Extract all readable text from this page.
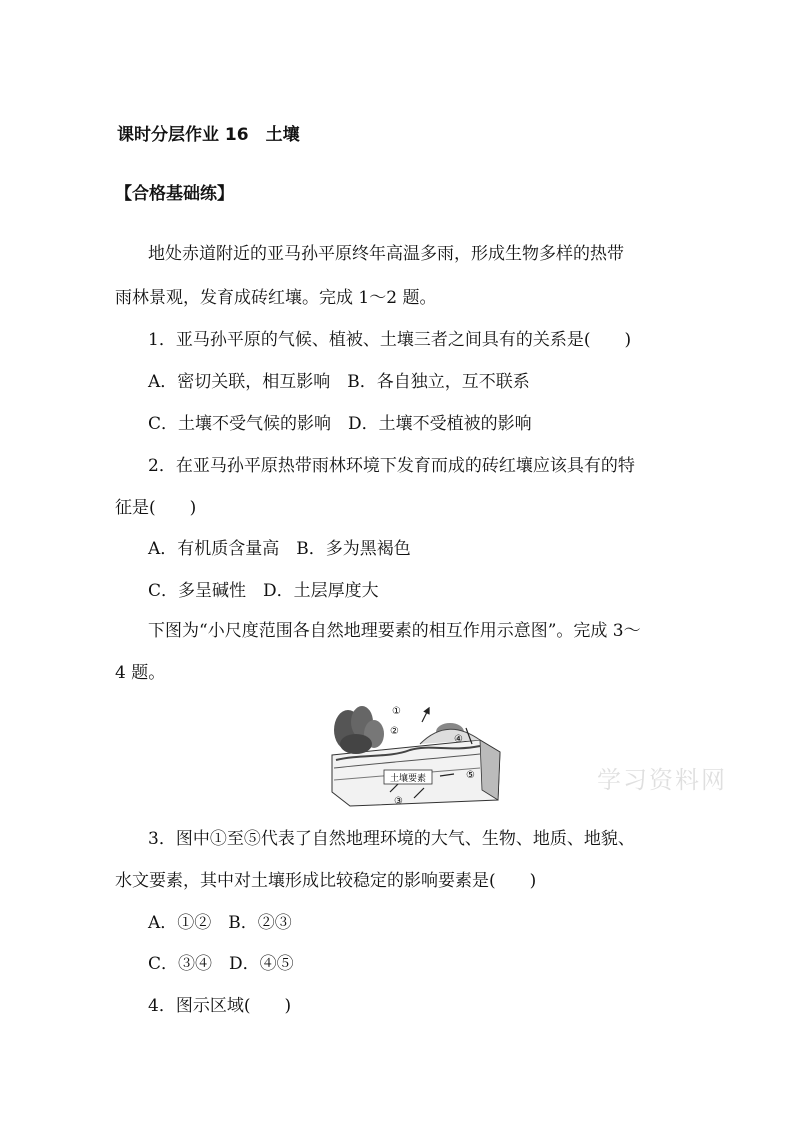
课时分层作业 16　土壤
【合格基础练】
地处赤道附近的亚马孙平原终年高温多雨，形成生物多样的热带
雨林景观，发育成砖红壤。完成 1～2 题。
1．亚马孙平原的气候、植被、土壤三者之间具有的关系是(　　)
A．密切关联，相互影响　B．各自独立，互不联系
C．土壤不受气候的影响　D．土壤不受植被的影响
2．在亚马孙平原热带雨林环境下发育而成的砖红壤应该具有的特
征是(　　)
A．有机质含量高　B．多为黑褐色
C．多呈碱性　D．土层厚度大
下图为“小尺度范围各自然地理要素的相互作用示意图”。完成 3～
4 题。
土壤要素
①
②
③
④
⑤	学习资料网
3．图中①至⑤代表了自然地理环境的大气、生物、地质、地貌、
水文要素，其中对土壤形成比较稳定的影响要素是(　　)
A．①②　B．②③
C．③④　D．④⑤
4．图示区域(　　)
